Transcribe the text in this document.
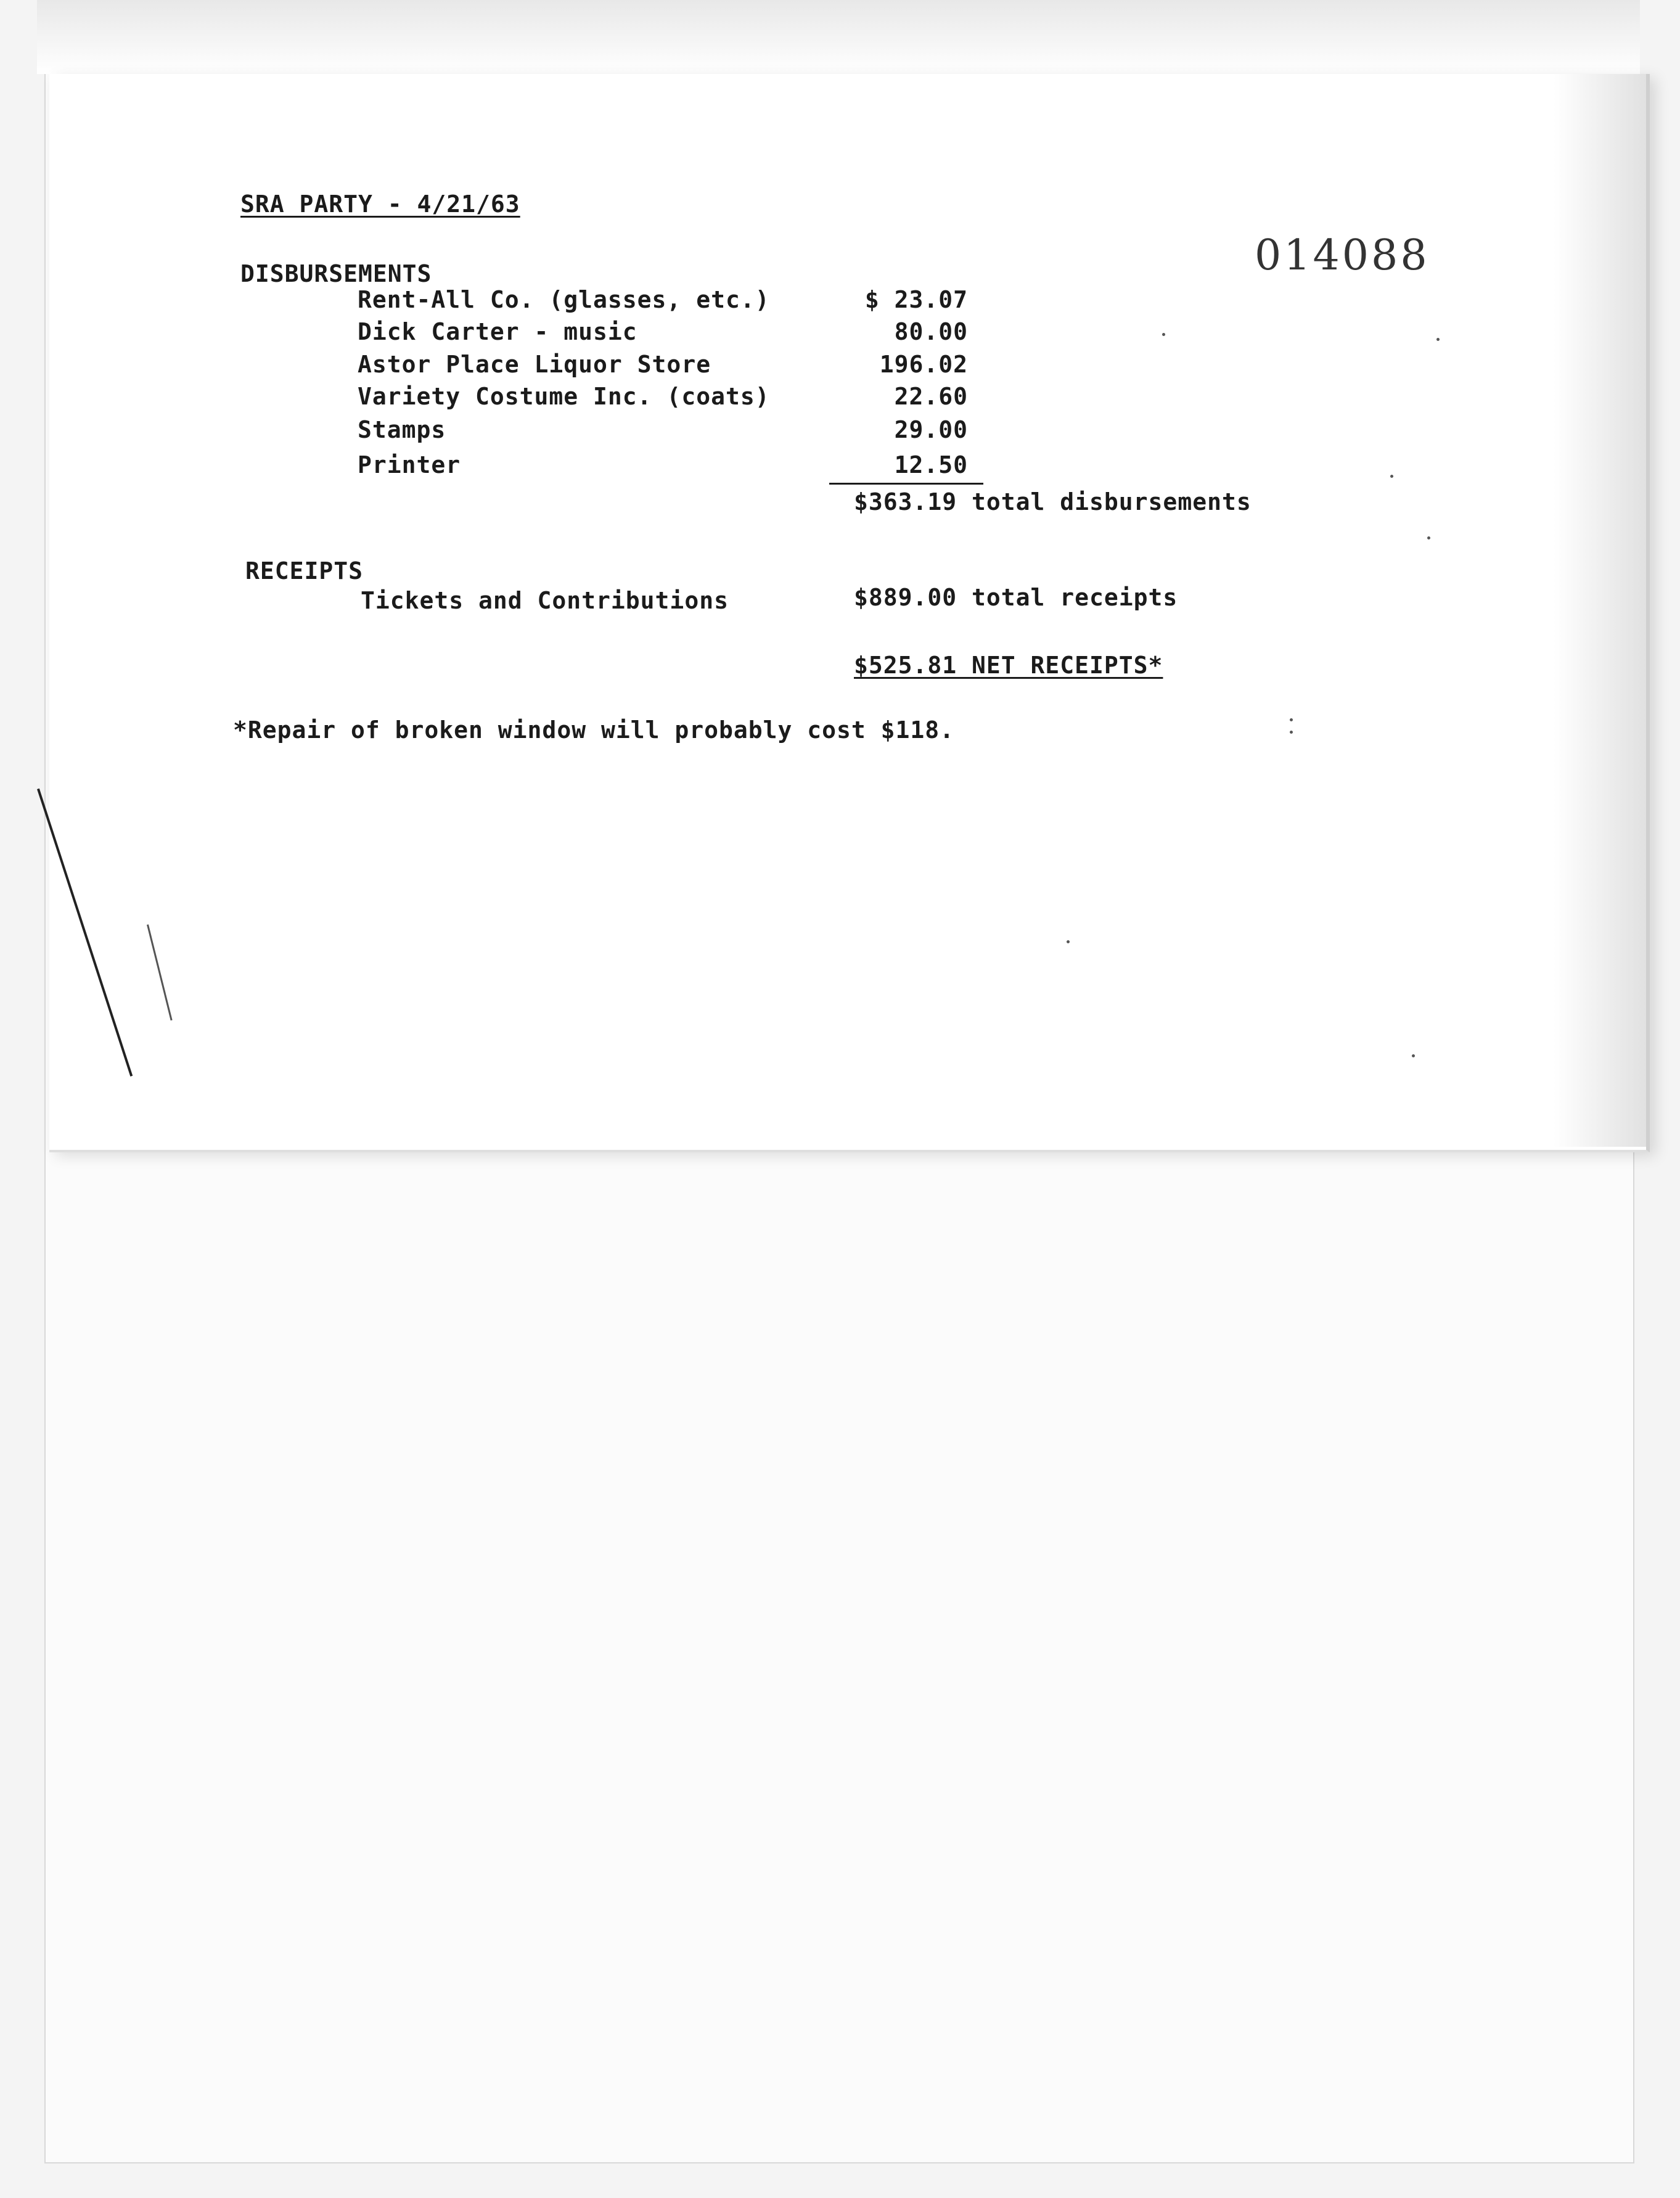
SRA PARTY - 4/21/63
014088
DISBURSEMENTS
Rent-All Co. (glasses, etc.)	$ 23.07
Dick Carter - music	80.00
Astor Place Liquor Store	196.02
Variety Costume Inc. (coats)	22.60
Stamps	29.00
Printer	12.50
$363.19 total disbursements
RECEIPTS
Tickets and Contributions	$889.00 total receipts
$525.81 NET RECEIPTS*
*Repair of broken window will probably cost $118.
